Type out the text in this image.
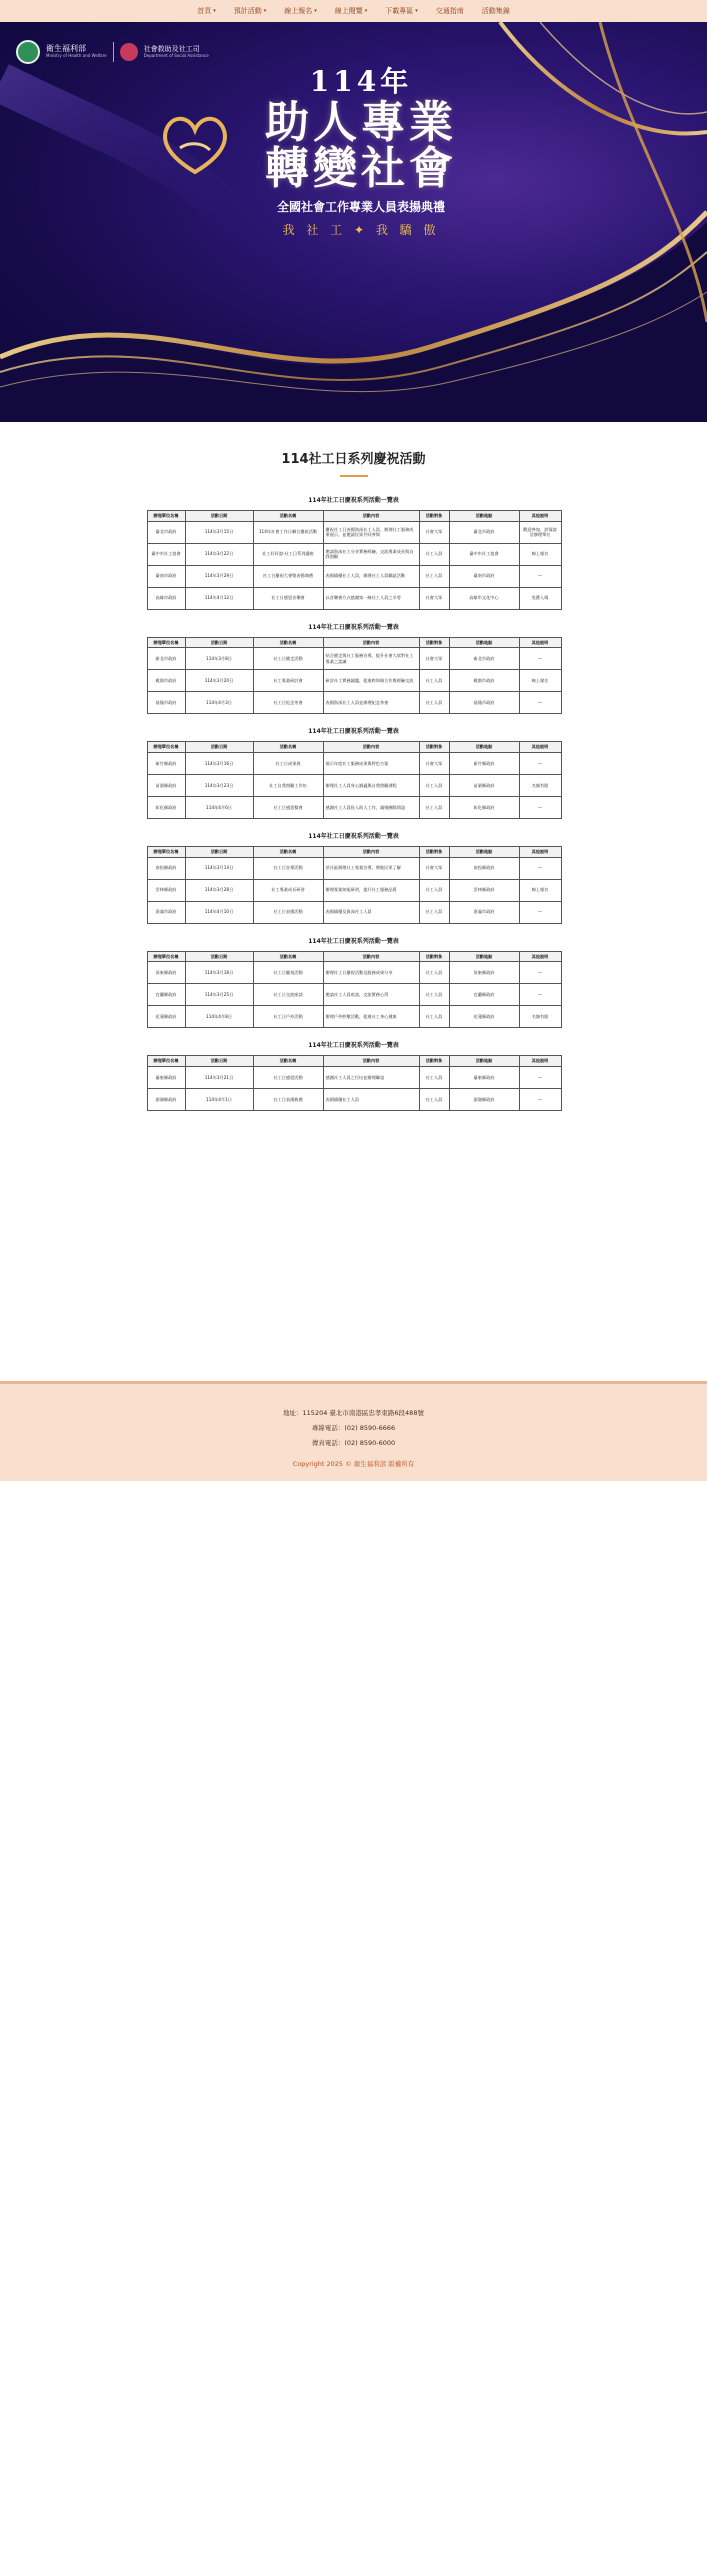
首頁 ▾	預計活動 ▾	線上報名 ▾	線上閱覽 ▾	下載專區 ▾	交通指南	活動集錦
衛生福利部
Ministry of Health and Welfare
社會救助及社工司
Department of Social Assistance
114年
助人專業
轉變社會
全國社會工作專業人員表揚典禮
我 社 工 ✦ 我 驕 傲
114社工日系列慶祝活動
114年社工日慶祝系列活動一覽表
辦理單位名稱	活動日期	活動名稱	活動內容	活動對象	活動地點	其他說明
臺北市政府	114年3月15日	114年社會工作日聯合慶祝活動	慶祝社工日表揚資深社工人員、辦理社工服務成果展示，並邀請民眾共同參與	社會大眾	臺北市政府	歡迎參加，詳情請洽辦理單位
臺中市社工協會	114年3月22日	社工好好說-社工日系列講座	邀請資深社工分享實務經驗，交流專業成長與自我照顧	社工人員	臺中市社工協會	線上報名
臺南市政府	114年3月29日	社工日慶祝大會暨表揚典禮	表揚績優社工人員，辦理社工人員聯誼活動	社工人員	臺南市政府	—
高雄市政府	114年4月12日	社工日感恩音樂會	以音樂會方式感謝第一線社工人員之辛勞	社會大眾	高雄市文化中心	免費入場
114年社工日慶祝系列活動一覽表
辦理單位名稱	活動日期	活動名稱	活動內容	活動對象	活動地點	其他說明
新北市政府	114年3月8日	社工日健走活動	結合健走與社工服務宣導，提升社會大眾對社工專業之認識	社會大眾	新北市政府	—
桃園市政府	114年3月20日	社工專業研討會	研討社工實務議題，促進跨領域合作與經驗交流	社工人員	桃園市政府	線上報名
基隆市政府	114年4月3日	社工日紀念茶會	表揚資深社工人員並辦理紀念茶會	社工人員	基隆市政府	—
114年社工日慶祝系列活動一覽表
辦理單位名稱	活動日期	活動名稱	活動內容	活動對象	活動地點	其他說明
新竹縣政府	114年3月16日	社工日成果展	展示年度社工服務成果與特色方案	社會大眾	新竹縣政府	—
苗栗縣政府	114年3月23日	社工自我照顧工作坊	辦理社工人員身心調適與自我照顧課程	社工人員	苗栗縣政府	名額有限
彰化縣政府	114年4月6日	社工日感恩餐會	感謝社工人員投入助人工作，凝聚團隊情誼	社工人員	彰化縣政府	—
114年社工日慶祝系列活動一覽表
辦理單位名稱	活動日期	活動名稱	活動內容	活動對象	活動地點	其他說明
南投縣政府	114年3月14日	社工日宣導活動	於社區辦理社工專業宣導，增進民眾了解	社會大眾	南投縣政府	—
雲林縣政府	114年3月28日	社工專業成長研習	辦理專業知能研習，提升社工服務品質	社工人員	雲林縣政府	線上報名
嘉義市政府	114年4月10日	社工日表揚活動	表揚績優及資深社工人員	社工人員	嘉義市政府	—
114年社工日慶祝系列活動一覽表
辦理單位名稱	活動日期	活動名稱	活動內容	活動對象	活動地點	其他說明
屏東縣政府	114年3月18日	社工日慶祝活動	辦理社工日慶祝活動及服務成果分享	社工人員	屏東縣政府	—
宜蘭縣政府	114年3月25日	社工日交流座談	邀請社工人員座談，交流實務心得	社工人員	宜蘭縣政府	—
花蓮縣政府	114年4月8日	社工日戶外活動	辦理戶外紓壓活動，促進社工身心健康	社工人員	花蓮縣政府	名額有限
114年社工日慶祝系列活動一覽表
辦理單位名稱	活動日期	活動名稱	活動內容	活動對象	活動地點	其他說明
臺東縣政府	114年3月21日	社工日感恩活動	感謝社工人員之付出並辦理聯誼	社工人員	臺東縣政府	—
澎湖縣政府	114年4月1日	社工日表揚典禮	表揚績優社工人員	社工人員	澎湖縣政府	—
地址：115204 臺北市南港區忠孝東路6段488號
專線電話：(02) 8590-6666
傳真電話：(02) 8590-6000
Copyright 2025 © 衛生福利部 版權所有
